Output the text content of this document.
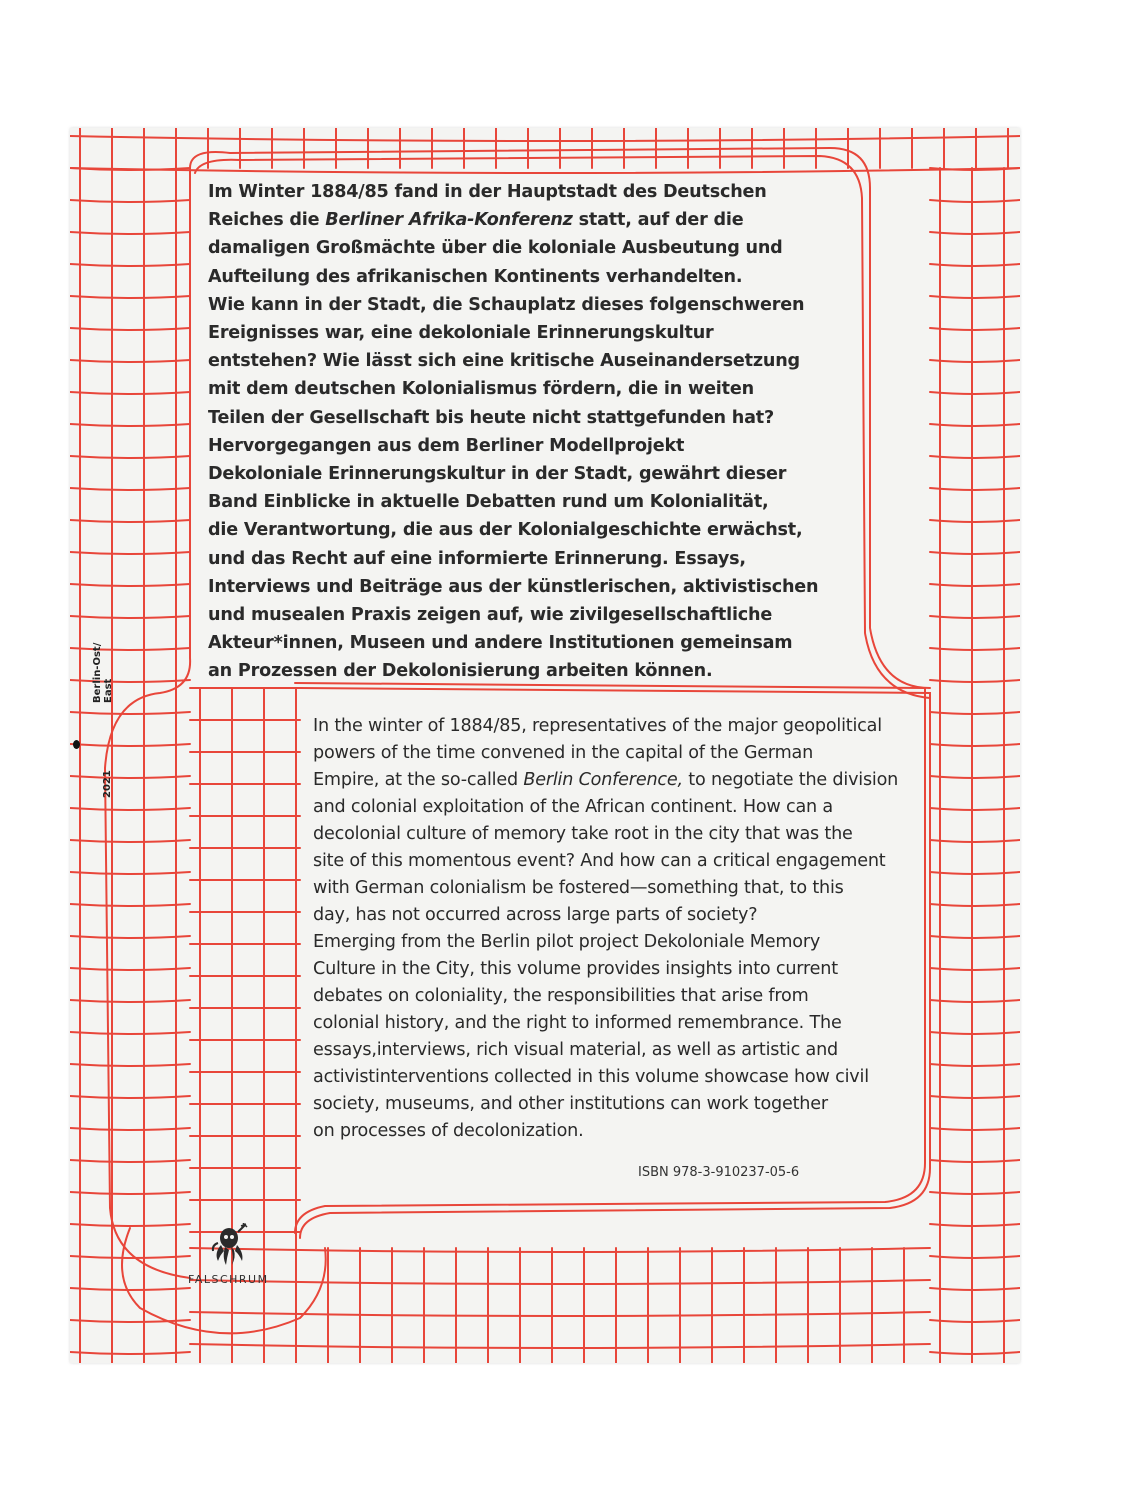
Im Winter 1884/85 fand in der Hauptstadt des Deutschen
Reiches die Berliner Afrika-Konferenz statt, auf der die
damaligen Großmächte über die koloniale Ausbeutung und
Aufteilung des afrikanischen Kontinents verhandelten.
Wie kann in der Stadt, die Schauplatz dieses folgenschweren
Ereignisses war, eine dekoloniale Erinnerungskultur
entstehen? Wie lässt sich eine kritische Auseinandersetzung
mit dem deutschen Kolonialismus fördern, die in weiten
Teilen der Gesellschaft bis heute nicht stattgefunden hat?
Hervorgegangen aus dem Berliner Modellprojekt
Dekoloniale Erinnerungskultur in der Stadt, gewährt dieser
Band Einblicke in aktuelle Debatten rund um Kolonialität,
die Verantwortung, die aus der Kolonialgeschichte erwächst,
und das Recht auf eine informierte Erinnerung. Essays,
Interviews und Beiträge aus der künstlerischen, aktivistischen
und musealen Praxis zeigen auf, wie zivilgesellschaftliche
Akteur*innen, Museen und andere Institutionen gemeinsam
an Prozessen der Dekolonisierung arbeiten können.

In the winter of 1884/85, representatives of the major geopolitical
powers of the time convened in the capital of the German
Empire, at the so-called Berlin Conference, to negotiate the division
and colonial exploitation of the African continent. How can a
decolonial culture of memory take root in the city that was the
site of this momentous event? And how can a critical engagement
with German colonialism be fostered—something that, to this
day, has not occurred across large parts of society?
Emerging from the Berlin pilot project Dekoloniale Memory
Culture in the City, this volume provides insights into current
debates on coloniality, the responsibilities that arise from
colonial history, and the right to informed remembrance. The
essays,interviews, rich visual material, as well as artistic and
activistinterventions collected in this volume showcase how civil
society, museums, and other institutions can work together
on processes of decolonization.

ISBN 978-3-910237-05-6
2021
Berlin-Ost/ East
FALSCHRUM
